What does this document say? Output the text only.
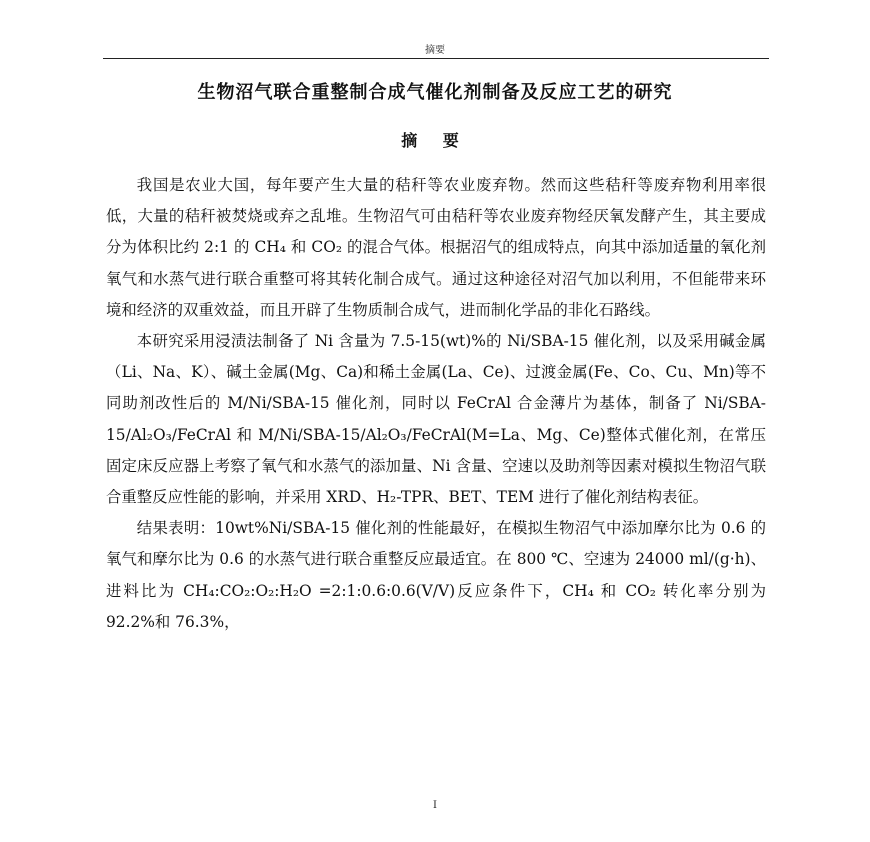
摘要
生物沼气联合重整制合成气催化剂制备及反应工艺的研究
摘 要

我国是农业大国，每年要产生大量的秸秆等农业废弃物。然而这些秸秆等废弃物利用率很低，大量的秸秆被焚烧或弃之乱堆。生物沼气可由秸秆等农业废弃物经厌氧发酵产生，其主要成分为体积比约 2:1 的 CH₄ 和 CO₂ 的混合气体。根据沼气的组成特点，向其中添加适量的氧化剂氧气和水蒸气进行联合重整可将其转化制合成气。通过这种途径对沼气加以利用，不但能带来环境和经济的双重效益，而且开辟了生物质制合成气，进而制化学品的非化石路线。

本研究采用浸渍法制备了 Ni 含量为 7.5-15(wt)%的 Ni/SBA-15 催化剂，以及采用碱金属（Li、Na、K）、碱土金属(Mg、Ca)和稀土金属(La、Ce)、过渡金属(Fe、Co、Cu、Mn)等不同助剂改性后的 M/Ni/SBA-15 催化剂，同时以 FeCrAl 合金薄片为基体，制备了 Ni/SBA-15/Al₂O₃/FeCrAl 和 M/Ni/SBA-15/Al₂O₃/FeCrAl(M=La、Mg、Ce)整体式催化剂，在常压固定床反应器上考察了氧气和水蒸气的添加量、Ni 含量、空速以及助剂等因素对模拟生物沼气联合重整反应性能的影响，并采用 XRD、H₂-TPR、BET、TEM 进行了催化剂结构表征。

结果表明：10wt%Ni/SBA-15 催化剂的性能最好，在模拟生物沼气中添加摩尔比为 0.6 的氧气和摩尔比为 0.6 的水蒸气进行联合重整反应最适宜。在 800 ℃、空速为 24000 ml/(g·h)、进料比为 CH₄:CO₂:O₂:H₂O =2:1:0.6:0.6(V/V)反应条件下，CH₄ 和 CO₂ 转化率分别为 92.2%和 76.3%，

I
